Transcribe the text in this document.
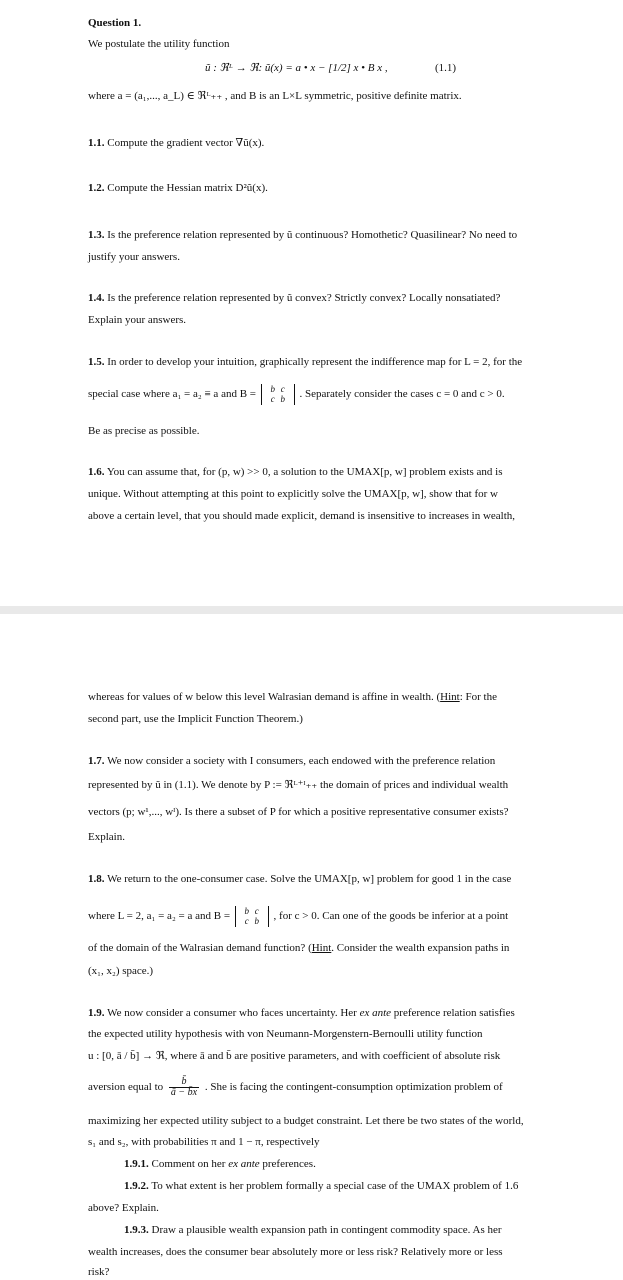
Question 1.
We postulate the utility function
ũ : ℜᴸ → ℜ: ũ(x) = a • x − [1/2] x • B x ,	(1.1)
where a = (a₁,..., a_L) ∈ ℜᴸ₊₊ , and B is an L×L symmetric, positive definite matrix.
1.1. Compute the gradient vector ∇ũ(x).
1.2. Compute the Hessian matrix D²ũ(x).
1.3. Is the preference relation represented by ũ continuous? Homothetic? Quasilinear? No need to
justify your answers.
1.4. Is the preference relation represented by ũ convex? Strictly convex? Locally nonsatiated?
Explain your answers.
1.5. In order to develop your intuition, graphically represent the indifference map for L = 2, for the
special case where a₁ = a₂ ≡ a and B = b c
c b . Separately consider the cases c = 0 and c > 0.
Be as precise as possible.
1.6. You can assume that, for (p, w) >> 0, a solution to the UMAX[p, w] problem exists and is
unique. Without attempting at this point to explicitly solve the UMAX[p, w], show that for w
above a certain level, that you should made explicit, demand is insensitive to increases in wealth,
whereas for values of w below this level Walrasian demand is affine in wealth. (Hint: For the
second part, use the Implicit Function Theorem.)
1.7. We now consider a society with I consumers, each endowed with the preference relation
represented by ũ in (1.1). We denote by P := ℜᴸ⁺ᴵ₊₊ the domain of prices and individual wealth
vectors (p; w¹,..., wᴵ). Is there a subset of P for which a positive representative consumer exists?
Explain.
1.8. We return to the one-consumer case. Solve the UMAX[p, w] problem for good 1 in the case
where L = 2, a₁ = a₂ = a and B = b c
c b , for c > 0. Can one of the goods be inferior at a point
of the domain of the Walrasian demand function? (Hint. Consider the wealth expansion paths in
(x₁, x₂) space.)
1.9. We now consider a consumer who faces uncertainty. Her ex ante preference relation satisfies
the expected utility hypothesis with von Neumann-Morgenstern-Bernoulli utility function
u : [0, ā / b̄] → ℜ, where ā and b̄ are positive parameters, and with coefficient of absolute risk
aversion equal to $\frac{b̄}{ā - b̄x}$ . She is facing the contingent-consumption optimization problem of
maximizing her expected utility subject to a budget constraint. Let there be two states of the world,
s₁ and s₂, with probabilities π and 1 − π, respectively
1.9.1. Comment on her ex ante preferences.
1.9.2. To what extent is her problem formally a special case of the UMAX problem of 1.6
above? Explain.
1.9.3. Draw a plausible wealth expansion path in contingent commodity space. As her
wealth increases, does the consumer bear absolutely more or less risk? Relatively more or less
risk?
